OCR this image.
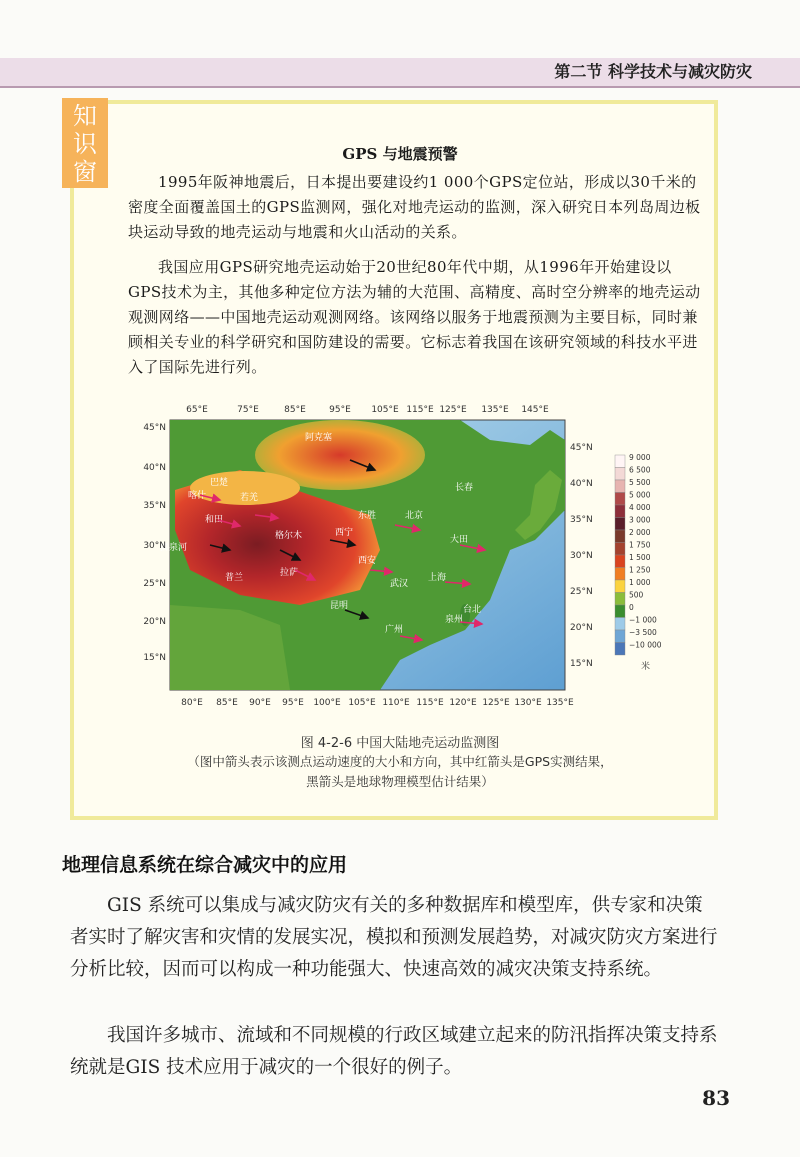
第二节 科学技术与减灾防灾
知
识
窗
GPS 与地震预警
1995年阪神地震后，日本提出要建设约1 000个GPS定位站，形成以30千米的密度全面覆盖国土的GPS监测网，强化对地壳运动的监测，深入研究日本列岛周边板块运动导致的地壳运动与地震和火山活动的关系。
我国应用GPS研究地壳运动始于20世纪80年代中期，从1996年开始建设以GPS技术为主，其他多种定位方法为辅的大范围、高精度、高时空分辨率的地壳运动观测网络——中国地壳运动观测网络。该网络以服务于地震预测为主要目标，同时兼顾相关专业的科学研究和国防建设的需要。它标志着我国在该研究领域的科技水平进入了国际先进行列。
长春
大田
东胜	北京
西宁
西安
武汉
上海
台北
泉州
广州
昆明
拉萨
喀什
和田
狮泉河
格尔木
阿克塞
若羌
巴楚
普兰
65°E	75°E	85°E	95°E 105°E 115°E 125°E 135°E 145°E
80°E 85°E 90°E 95°E 100°E 105°E 110°E 115°E 120°E 125°E 130°E 135°E
45°N
40°N
35°N
30°N
25°N
20°N
15°N
45°N
40°N
35°N
30°N
25°N
20°N
15°N
9 000
6 500
5 500
5 000
4 000
3 000
2 000
1 750
1 500
1 250
1 000
500
0
−1 000
−3 500
−10 000
米
图 4-2-6 中国大陆地壳运动监测图
（图中箭头表示该测点运动速度的大小和方向，其中红箭头是GPS实测结果，
黑箭头是地球物理模型估计结果）
地理信息系统在综合减灾中的应用
GIS 系统可以集成与减灾防灾有关的多种数据库和模型库，供专家和决策者实时了解灾害和灾情的发展实况，模拟和预测发展趋势，对减灾防灾方案进行分析比较，因而可以构成一种功能强大、快速高效的减灾决策支持系统。
我国许多城市、流域和不同规模的行政区域建立起来的防汛指挥决策支持系统就是GIS 技术应用于减灾的一个很好的例子。
83
